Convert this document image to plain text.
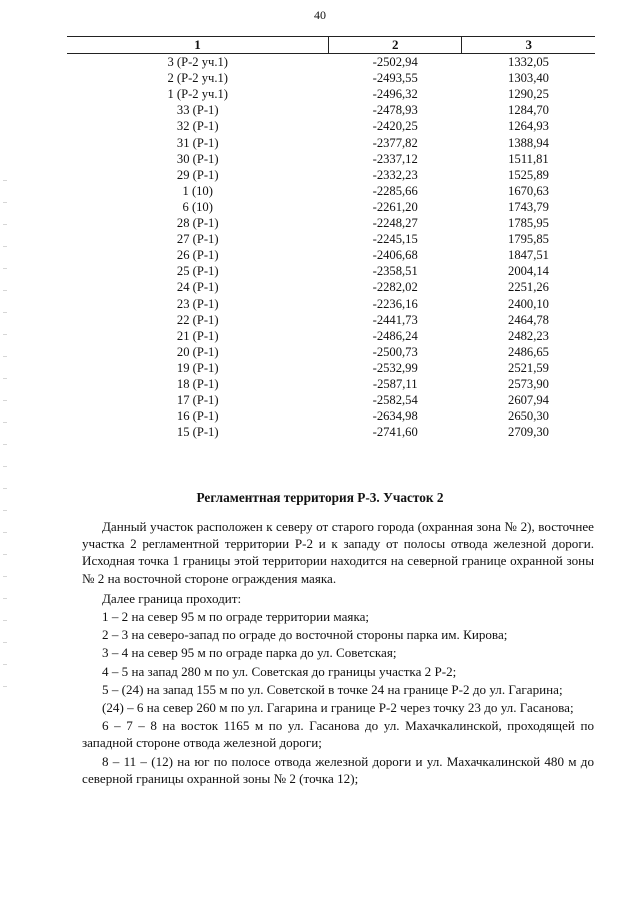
40
1	2	3
3 (Р-2 уч.1)	-2502,94	1332,05
2 (Р-2 уч.1)	-2493,55	1303,40
1 (Р-2 уч.1)	-2496,32	1290,25
33 (Р-1)	-2478,93	1284,70
32 (Р-1)	-2420,25	1264,93
31 (Р-1)	-2377,82	1388,94
30 (Р-1)	-2337,12	1511,81
29 (Р-1)	-2332,23	1525,89
1 (10)	-2285,66	1670,63
6 (10)	-2261,20	1743,79
28 (Р-1)	-2248,27	1785,95
27 (Р-1)	-2245,15	1795,85
26 (Р-1)	-2406,68	1847,51
25 (Р-1)	-2358,51	2004,14
24 (Р-1)	-2282,02	2251,26
23 (Р-1)	-2236,16	2400,10
22 (Р-1)	-2441,73	2464,78
21 (Р-1)	-2486,24	2482,23
20 (Р-1)	-2500,73	2486,65
19 (Р-1)	-2532,99	2521,59
18 (Р-1)	-2587,11	2573,90
17 (Р-1)	-2582,54	2607,94
16 (Р-1)	-2634,98	2650,30
15 (Р-1)	-2741,60	2709,30
Регламентная территория Р-3. Участок 2

Данный участок расположен к северу от старого города (охранная зона № 2), восточнее участка 2 регламентной территории Р-2 и к западу от полосы отвода железной дороги. Исходная точка 1 границы этой территории находится на северной границе охранной зоны № 2 на восточной стороне ограждения маяка.

Далее граница проходит:

1 – 2 на север 95 м по ограде территории маяка;

2 – 3 на северо-запад по ограде до восточной стороны парка им. Кирова;

3 – 4 на север 95 м по ограде парка до ул. Советская;

4 – 5 на запад 280 м по ул. Советская до границы участка 2 Р-2;

5 – (24) на запад 155 м по ул. Советской в точке 24 на границе Р-2 до ул. Гагарина;

(24) – 6 на север 260 м по ул. Гагарина и границе Р-2 через точку 23 до ул. Гасанова;

6 – 7 – 8 на восток 1165 м по ул. Гасанова до ул. Махачкалинской, проходящей по западной стороне отвода железной дороги;

8 – 11 – (12) на юг по полосе отвода железной дороги и ул. Махачкалинской 480 м до северной границы охранной зоны № 2 (точка 12);
